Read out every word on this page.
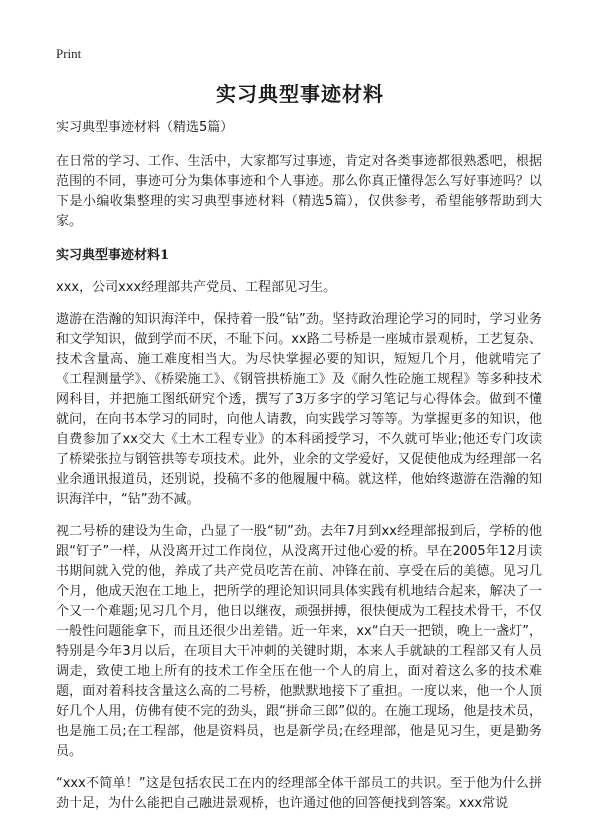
Print
实习典型事迹材料
实习典型事迹材料（精选5篇）

在日常的学习、工作、生活中，大家都写过事迹，肯定对各类事迹都很熟悉吧，根据范围的不同，事迹可分为集体事迹和个人事迹。那么你真正懂得怎么写好事迹吗？以下是小编收集整理的实习典型事迹材料（精选5篇），仅供参考，希望能够帮助到大家。

实习典型事迹材料1

xxx，公司xxx经理部共产党员、工程部见习生。

遨游在浩瀚的知识海洋中，保持着一股“钻”劲。坚持政治理论学习的同时，学习业务和文学知识，做到学而不厌，不耻下问。xx路二号桥是一座城市景观桥，工艺复杂、技术含量高、施工难度相当大。为尽快掌握必要的知识，短短几个月，他就啃完了《工程测量学》、《桥梁施工》、《钢管拱桥施工》及《耐久性砼施工规程》等多种技术网科目，并把施工图纸研究个透，撰写了3万多字的学习笔记与心得体会。做到不懂就问，在向书本学习的同时，向他人请教，向实践学习等等。为掌握更多的知识，他自费参加了xx交大《土木工程专业》的本科函授学习，不久就可毕业;他还专门攻读了桥梁张拉与钢管拱等专项技术。此外，业余的文学爱好，又促使他成为经理部一名业余通讯报道员，还别说，投稿不多的他履履中稿。就这样，他始终遨游在浩瀚的知识海洋中，“钻”劲不减。

视二号桥的建设为生命，凸显了一股“韧”劲。去年7月到xx经理部报到后，学桥的他跟“钉子”一样，从没离开过工作岗位，从没离开过他心爱的桥。早在2005年12月读书期间就入党的他，养成了共产党员吃苦在前、冲锋在前、享受在后的美德。见习几个月，他成天泡在工地上，把所学的理论知识同具体实践有机地结合起来，解决了一个又一个难题;见习几个月，他日以继夜，顽强拼搏，很快便成为工程技术骨干，不仅一般性问题能拿下，而且还很少出差错。近一年来，xx“白天一把锁，晚上一盏灯”，特别是今年3月以后，在项目大干冲刺的关键时期，本来人手就缺的工程部又有人员调走，致使工地上所有的技术工作全压在他一个人的肩上，面对着这么多的技术难题，面对着科技含量这么高的二号桥，他默默地接下了重担。一度以来，他一个人顶好几个人用，仿佛有使不完的劲头，跟“拼命三郎”似的。在施工现场，他是技术员，也是施工员;在工程部，他是资料员，也是新学员;在经理部，他是见习生，更是勤务员。

“xxx不简单！”这是包括农民工在内的经理部全体干部员工的共识。至于他为什么拼劲十足，为什么能把自己融进景观桥，也许通过他的回答便找到答案。xxx常说
